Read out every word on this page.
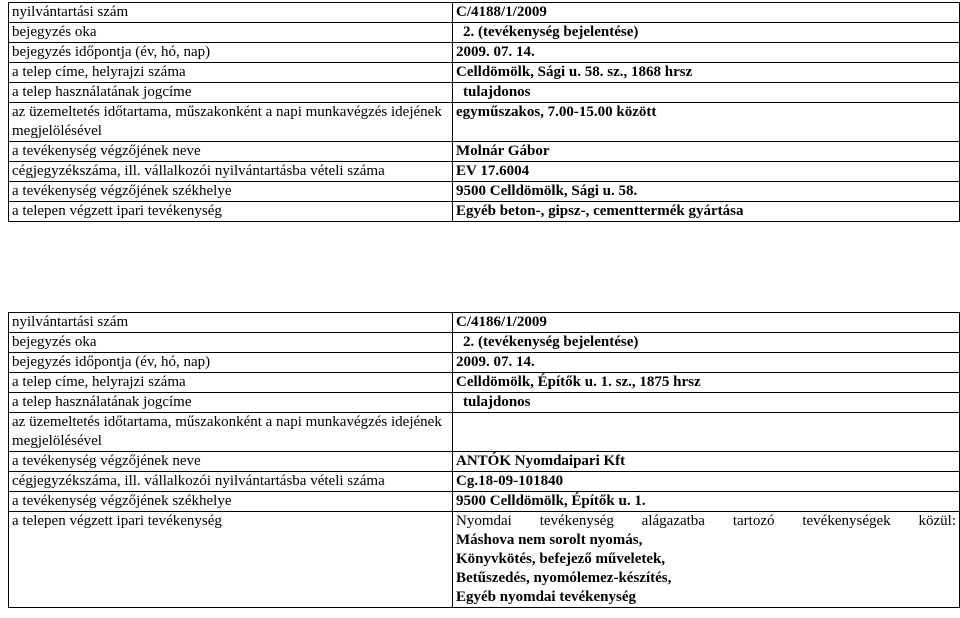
nyilvántartási szám	C/4188/1/2009
bejegyzés oka	2. (tevékenység bejelentése)
bejegyzés időpontja (év, hó, nap)	2009. 07. 14.
a telep címe, helyrajzi száma	Celldömölk, Sági u. 58. sz., 1868 hrsz
a telep használatának jogcíme	tulajdonos
az üzemeltetés időtartama, műszakonként a napi munkavégzés idejének megjelölésével	egyműszakos, 7.00-15.00 között
a tevékenység végzőjének neve	Molnár Gábor
cégjegyzékszáma, ill. vállalkozói nyilvántartásba vételi száma	EV 17.6004
a tevékenység végzőjének székhelye	9500 Celldömölk, Sági u. 58.
a telepen végzett ipari tevékenység	Egyéb beton-, gipsz-, cementtermék gyártása
nyilvántartási szám	C/4186/1/2009
bejegyzés oka	2. (tevékenység bejelentése)
bejegyzés időpontja (év, hó, nap)	2009. 07. 14.
a telep címe, helyrajzi száma	Celldömölk, Építők u. 1. sz., 1875 hrsz
a telep használatának jogcíme	tulajdonos
az üzemeltetés időtartama, műszakonként a napi munkavégzés idejének megjelölésével	
a tevékenység végzőjének neve	ANTÓK Nyomdaipari Kft
cégjegyzékszáma, ill. vállalkozói nyilvántartásba vételi száma	Cg.18-09-101840
a tevékenység végzőjének székhelye	9500 Celldömölk, Építők u. 1.
a telepen végzett ipari tevékenység	Nyomdai tevékenység alágazatba tartozó tevékenységek közül:
Máshova nem sorolt nyomás,
Könyvkötés, befejező műveletek,
Betűszedés, nyomólemez-készítés,
Egyéb nyomdai tevékenység
